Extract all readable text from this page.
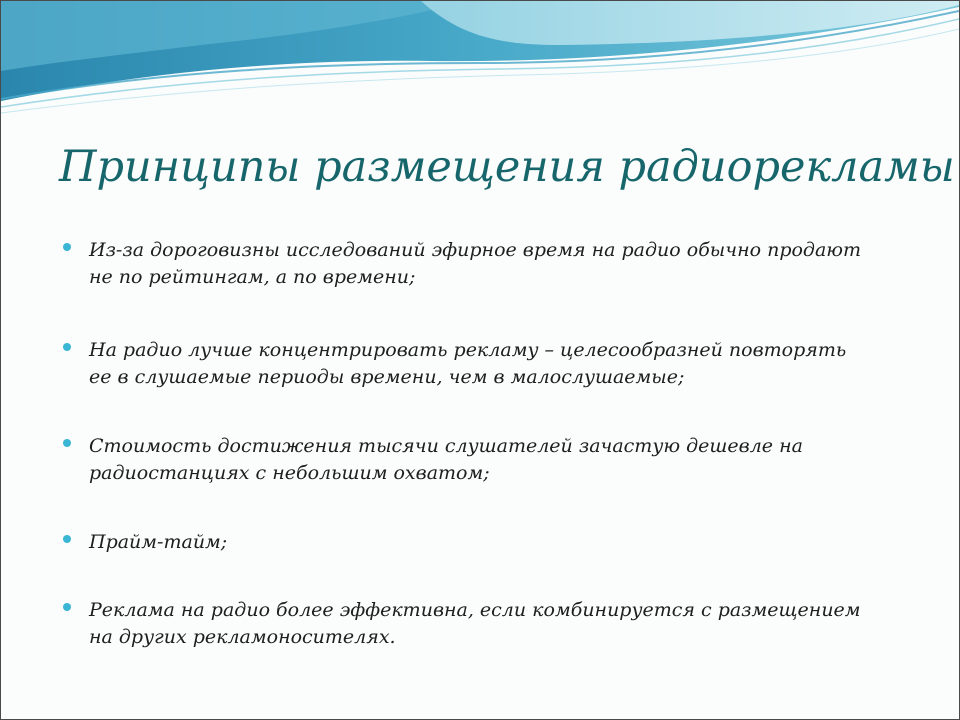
Принципы размещения радиорекламы
Из-за дороговизны исследований эфирное время на радио обычно продают
не по рейтингам, а по времени;
На радио лучше концентрировать рекламу – целесообразней повторять
ее в слушаемые периоды времени, чем в малослушаемые;
Стоимость достижения тысячи слушателей зачастую дешевле на
радиостанциях с небольшим охватом;
Прайм-тайм;
Реклама на радио более эффективна, если комбинируется с размещением
на других рекламоносителях.
